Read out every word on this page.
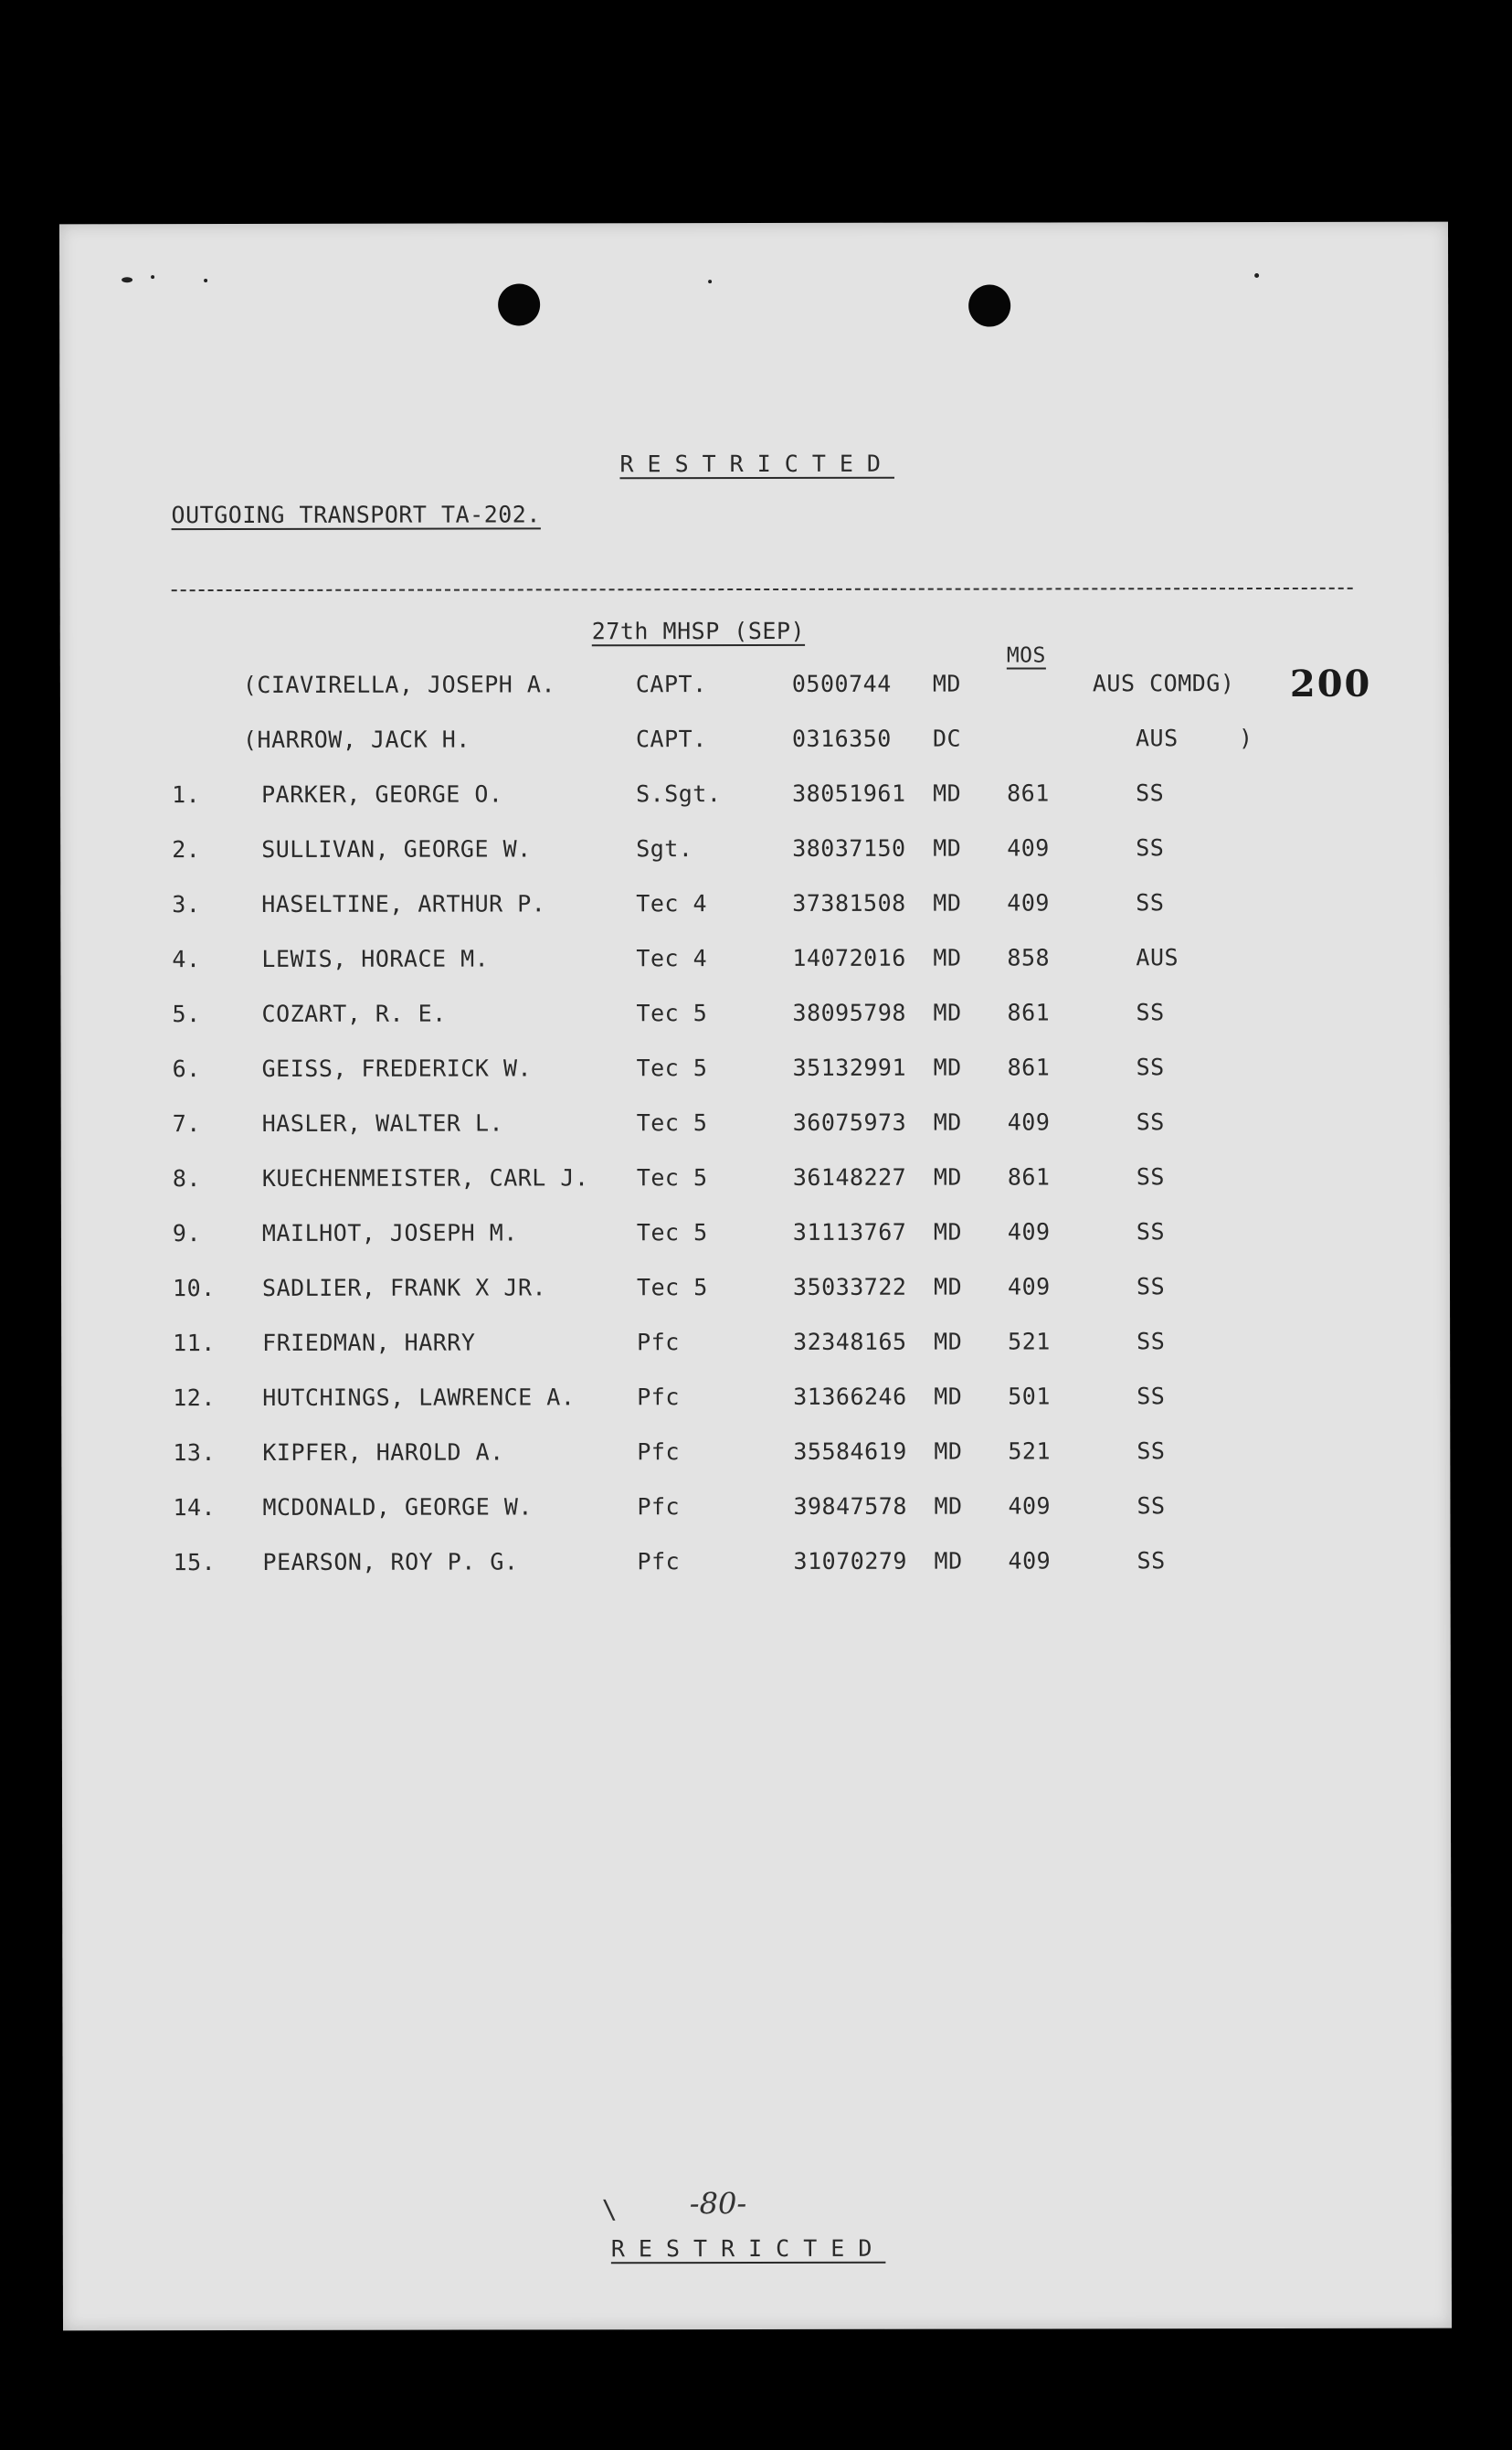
RESTRICTED
OUTGOING TRANSPORT TA-202.
27th MHSP (SEP)
MOS
200
(CIAVIRELLA, JOSEPH A.	CAPT.	0500744 MD	AUS COMDG)
(HARROW, JACK H.	CAPT.	0316350 DC	AUS	)
1.	PARKER, GEORGE O.	S.Sgt.	38051961 MD 861	SS
2.	SULLIVAN, GEORGE W.	Sgt.	38037150 MD 409	SS
3.	HASELTINE, ARTHUR P.	Tec 4	37381508 MD 409	SS
4.	LEWIS, HORACE M.	Tec 4	14072016 MD 858	AUS
5.	COZART, R. E.	Tec 5	38095798 MD 861	SS
6.	GEISS, FREDERICK W.	Tec 5	35132991 MD 861	SS
7.	HASLER, WALTER L.	Tec 5	36075973 MD 409	SS
8.	KUECHENMEISTER, CARL J. Tec 5	36148227 MD 861	SS
9.	MAILHOT, JOSEPH M.	Tec 5	31113767 MD 409	SS
10. SADLIER, FRANK X JR.	Tec 5	35033722 MD 409	SS
11. FRIEDMAN, HARRY	Pfc	32348165 MD 521	SS
12. HUTCHINGS, LAWRENCE A.	Pfc	31366246 MD 501	SS
13. KIPFER, HAROLD A.	Pfc	35584619 MD 521	SS
14. MCDONALD, GEORGE W.	Pfc	39847578 MD 409	SS
15. PEARSON, ROY P. G.	Pfc	31070279 MD 409	SS
-80-
\
RESTRICTED
